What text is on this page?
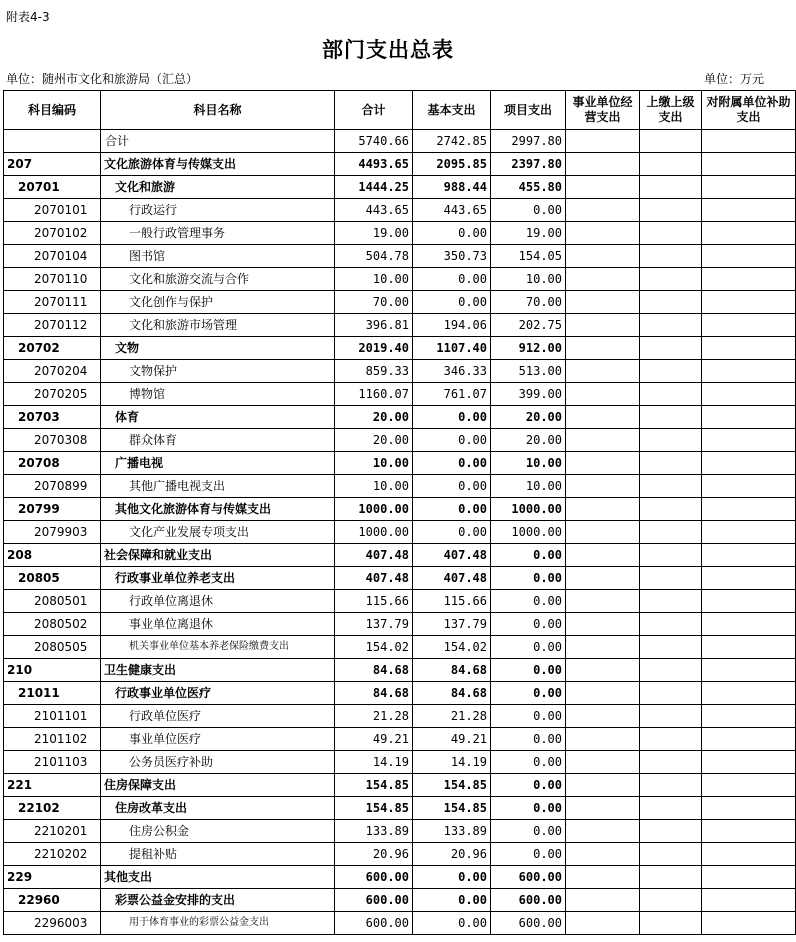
附表4-3
部门支出总表
单位：随州市文化和旅游局（汇总）	单位：万元
科目编码	科目名称	合计	基本支出	项目支出	事业单位经营支出	上缴上级支出	对附属单位补助支出
	合计	5740.66	2742.85	2997.80			
207	文化旅游体育与传媒支出	4493.65	2095.85	2397.80			
20701	文化和旅游	1444.25	988.44	455.80			
2070101	行政运行	443.65	443.65	0.00			
2070102	一般行政管理事务	19.00	0.00	19.00			
2070104	图书馆	504.78	350.73	154.05			
2070110	文化和旅游交流与合作	10.00	0.00	10.00			
2070111	文化创作与保护	70.00	0.00	70.00			
2070112	文化和旅游市场管理	396.81	194.06	202.75			
20702	文物	2019.40	1107.40	912.00			
2070204	文物保护	859.33	346.33	513.00			
2070205	博物馆	1160.07	761.07	399.00			
20703	体育	20.00	0.00	20.00			
2070308	群众体育	20.00	0.00	20.00			
20708	广播电视	10.00	0.00	10.00			
2070899	其他广播电视支出	10.00	0.00	10.00			
20799	其他文化旅游体育与传媒支出	1000.00	0.00	1000.00			
2079903	文化产业发展专项支出	1000.00	0.00	1000.00			
208	社会保障和就业支出	407.48	407.48	0.00			
20805	行政事业单位养老支出	407.48	407.48	0.00			
2080501	行政单位离退休	115.66	115.66	0.00			
2080502	事业单位离退休	137.79	137.79	0.00			
2080505	机关事业单位基本养老保险缴费支出	154.02	154.02	0.00			
210	卫生健康支出	84.68	84.68	0.00			
21011	行政事业单位医疗	84.68	84.68	0.00			
2101101	行政单位医疗	21.28	21.28	0.00			
2101102	事业单位医疗	49.21	49.21	0.00			
2101103	公务员医疗补助	14.19	14.19	0.00			
221	住房保障支出	154.85	154.85	0.00			
22102	住房改革支出	154.85	154.85	0.00			
2210201	住房公积金	133.89	133.89	0.00			
2210202	提租补贴	20.96	20.96	0.00			
229	其他支出	600.00	0.00	600.00			
22960	彩票公益金安排的支出	600.00	0.00	600.00			
2296003	用于体育事业的彩票公益金支出	600.00	0.00	600.00			
